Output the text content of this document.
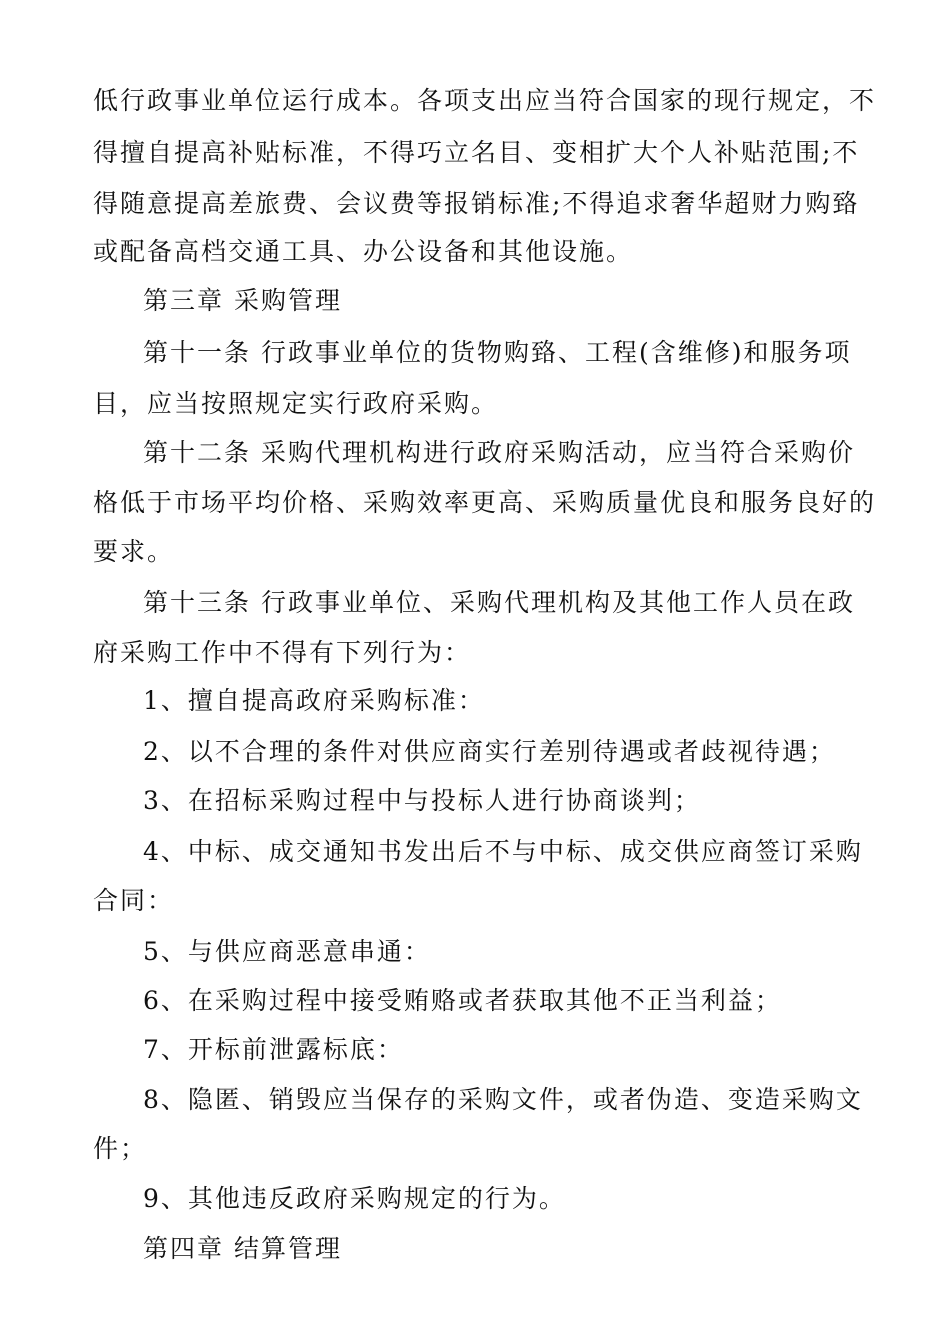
低行政事业单位运行成本。各项支出应当符合国家的现行规定，不

得擅自提高补贴标准，不得巧立名目、变相扩大个人补贴范围;不

得随意提高差旅费、会议费等报销标准;不得追求奢华超财力购臵

或配备高档交通工具、办公设备和其他设施。

第三章 采购管理

第十一条 行政事业单位的货物购臵、工程(含维修)和服务项

目，应当按照规定实行政府采购。

第十二条 采购代理机构进行政府采购活动，应当符合采购价

格低于市场平均价格、采购效率更高、采购质量优良和服务良好的

要求。

第十三条 行政事业单位、采购代理机构及其他工作人员在政

府采购工作中不得有下列行为：

1、擅自提高政府采购标准：

2、以不合理的条件对供应商实行差别待遇或者歧视待遇；

3、在招标采购过程中与投标人进行协商谈判；

4、中标、成交通知书发出后不与中标、成交供应商签订采购

合同：

5、与供应商恶意串通：

6、在采购过程中接受贿赂或者获取其他不正当利益；

7、开标前泄露标底：

8、隐匿、销毁应当保存的采购文件，或者伪造、变造采购文

件；

9、其他违反政府采购规定的行为。

第四章 结算管理
